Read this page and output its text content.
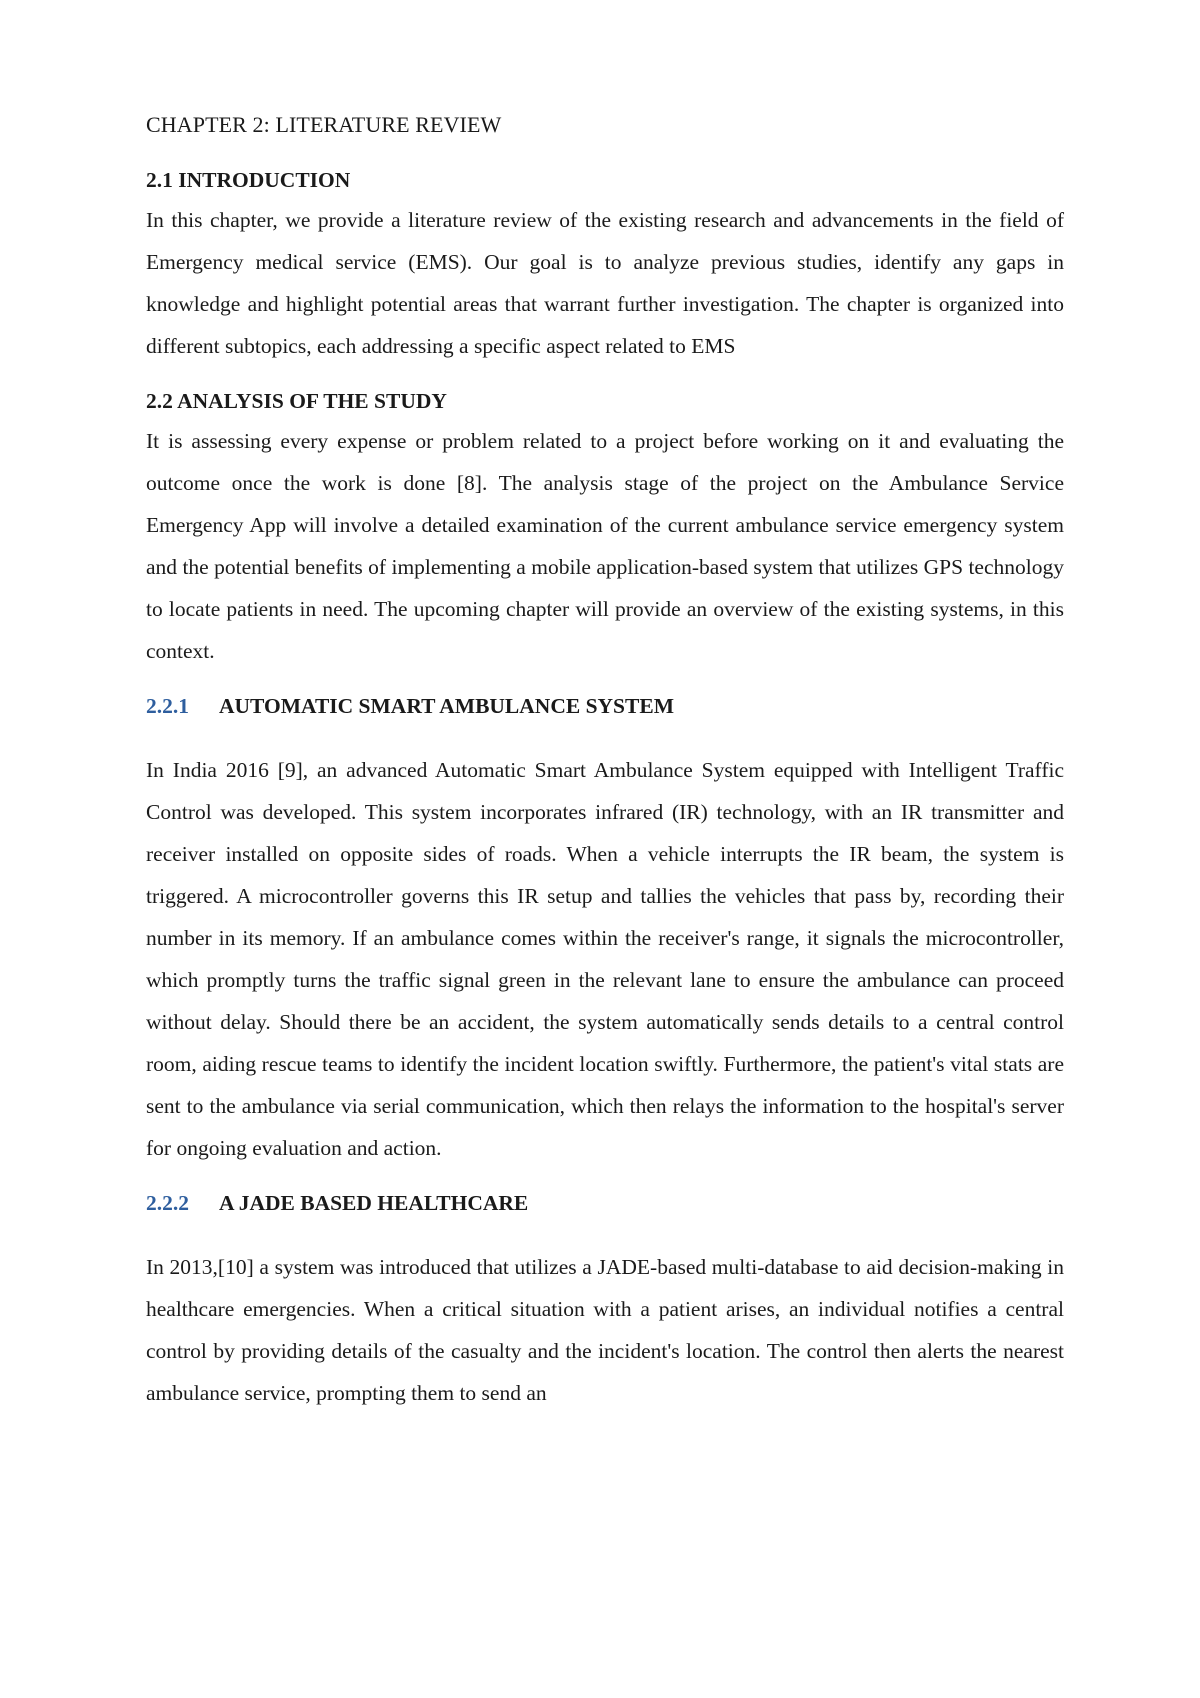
CHAPTER 2: LITERATURE REVIEW
2.1 INTRODUCTION

In this chapter, we provide a literature review of the existing research and advancements in the field of Emergency medical service (EMS). Our goal is to analyze previous studies, identify any gaps in knowledge and highlight potential areas that warrant further investigation. The chapter is organized into different subtopics, each addressing a specific aspect related to EMS

2.2 ANALYSIS OF THE STUDY

It is assessing every expense or problem related to a project before working on it and evaluating the outcome once the work is done [8]. The analysis stage of the project on the Ambulance Service Emergency App will involve a detailed examination of the current ambulance service emergency system and the potential benefits of implementing a mobile application-based system that utilizes GPS technology to locate patients in need. The upcoming chapter will provide an overview of the existing systems, in this context.

2.2.1	AUTOMATIC SMART AMBULANCE SYSTEM

In India 2016 [9], an advanced Automatic Smart Ambulance System equipped with Intelligent Traffic Control was developed. This system incorporates infrared (IR) technology, with an IR transmitter and receiver installed on opposite sides of roads. When a vehicle interrupts the IR beam, the system is triggered. A microcontroller governs this IR setup and tallies the vehicles that pass by, recording their number in its memory. If an ambulance comes within the receiver's range, it signals the microcontroller, which promptly turns the traffic signal green in the relevant lane to ensure the ambulance can proceed without delay. Should there be an accident, the system automatically sends details to a central control room, aiding rescue teams to identify the incident location swiftly. Furthermore, the patient's vital stats are sent to the ambulance via serial communication, which then relays the information to the hospital's server for ongoing evaluation and action.

2.2.2	A JADE BASED HEALTHCARE

In 2013,[10] a system was introduced that utilizes a JADE-based multi-database to aid decision-making in healthcare emergencies. When a critical situation with a patient arises, an individual notifies a central control by providing details of the casualty and the incident's location. The control then alerts the nearest ambulance service, prompting them to send an
